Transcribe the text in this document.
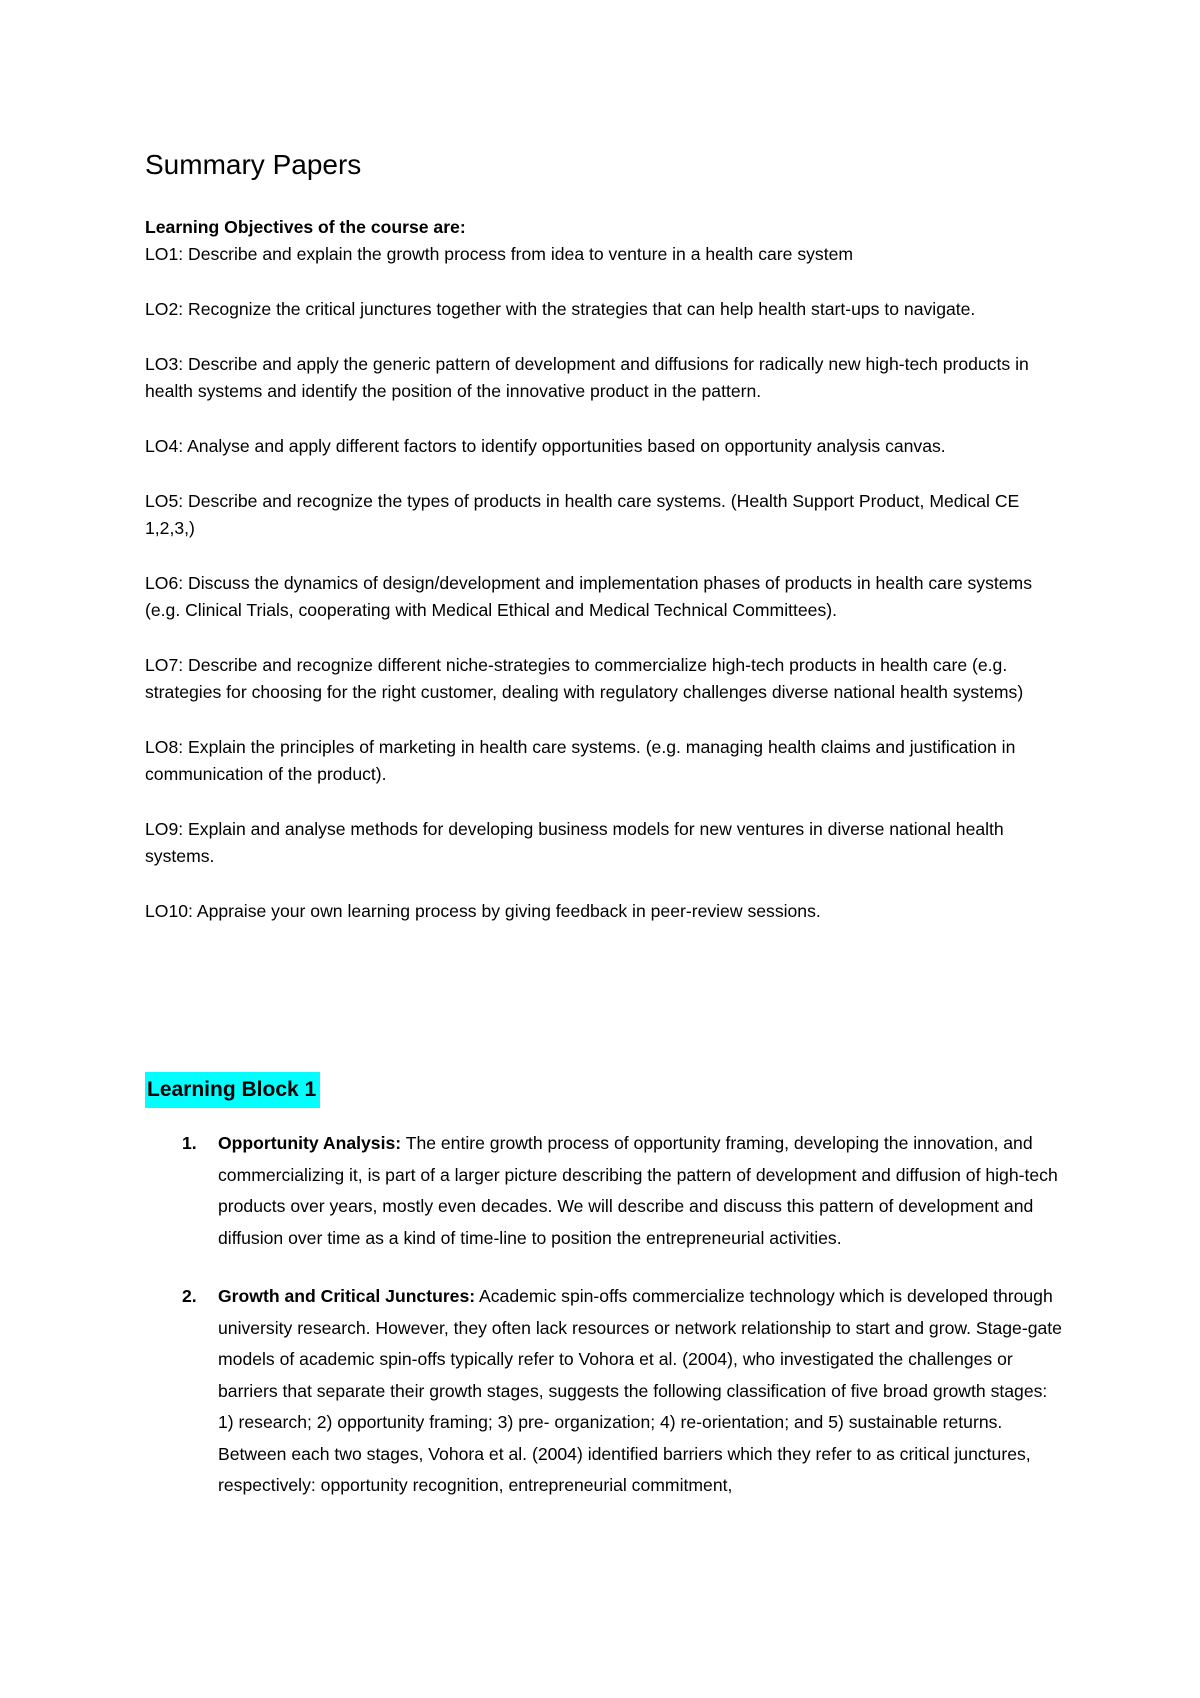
Summary Papers

Learning Objectives of the course are:

LO1: Describe and explain the growth process from idea to venture in a health care system

LO2: Recognize the critical junctures together with the strategies that can help health start-ups to navigate.

LO3: Describe and apply the generic pattern of development and diffusions for radically new high-tech products in health systems and identify the position of the innovative product in the pattern.

LO4: Analyse and apply different factors to identify opportunities based on opportunity analysis canvas.

LO5: Describe and recognize the types of products in health care systems. (Health Support Product, Medical CE 1,2,3,)

LO6: Discuss the dynamics of design/development and implementation phases of products in health care systems (e.g. Clinical Trials, cooperating with Medical Ethical and Medical Technical Committees).

LO7: Describe and recognize different niche-strategies to commercialize high-tech products in health care (e.g. strategies for choosing for the right customer, dealing with regulatory challenges diverse national health systems)

LO8: Explain the principles of marketing in health care systems. (e.g. managing health claims and justification in communication of the product).

LO9: Explain and analyse methods for developing business models for new ventures in diverse national health systems.

LO10: Appraise your own learning process by giving feedback in peer-review sessions.

Learning Block 1
1. Opportunity Analysis: The entire growth process of opportunity framing, developing the innovation, and commercializing it, is part of a larger picture describing the pattern of development and diffusion of high-tech products over years, mostly even decades. We will describe and discuss this pattern of development and diffusion over time as a kind of time-line to position the entrepreneurial activities.
2. Growth and Critical Junctures: Academic spin-offs commercialize technology which is developed through university research. However, they often lack resources or network relationship to start and grow. Stage-gate models of academic spin-offs typically refer to Vohora et al. (2004), who investigated the challenges or barriers that separate their growth stages, suggests the following classification of five broad growth stages: 1) research; 2) opportunity framing; 3) pre- organization; 4) re-orientation; and 5) sustainable returns. Between each two stages, Vohora et al. (2004) identified barriers which they refer to as critical junctures, respectively: opportunity recognition, entrepreneurial commitment,
